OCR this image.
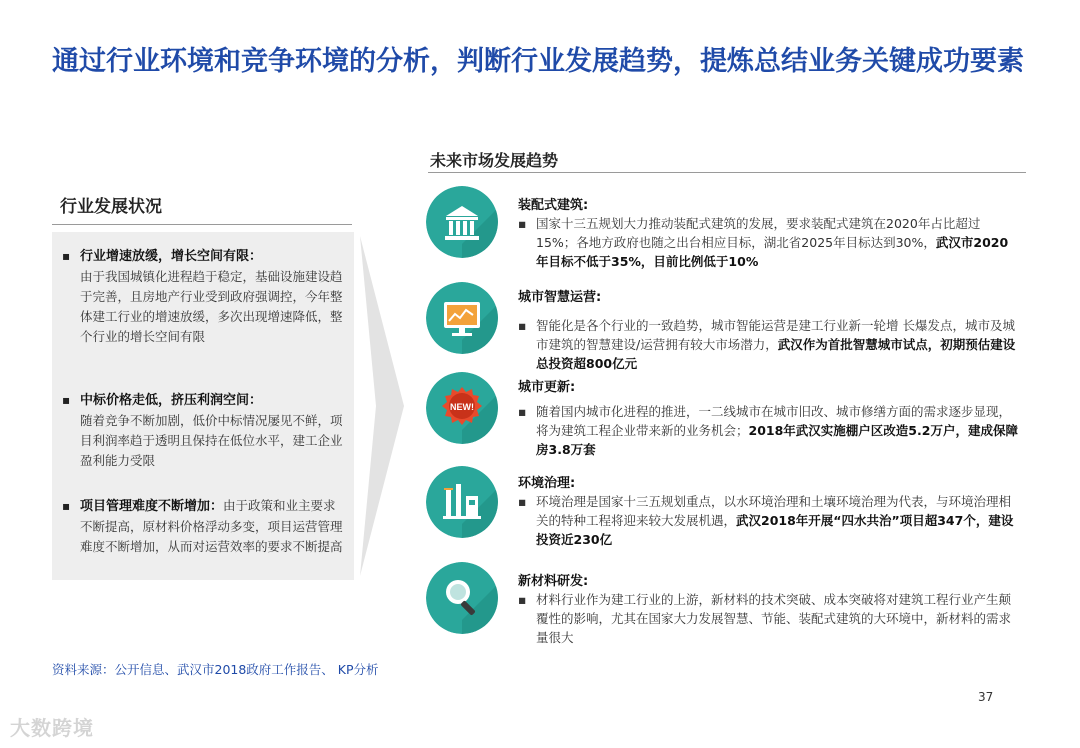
通过行业环境和竞争环境的分析，判断行业发展趋势，提炼总结业务关键成功要素
行业发展状况
▪ 行业增速放缓，增长空间有限：
由于我国城镇化进程趋于稳定，基础设施建设趋于完善，且房地产行业受到政府强调控，今年整体建工行业的增速放缓，多次出现增速降低，整个行业的增长空间有限
▪ 中标价格走低，挤压利润空间：
随着竞争不断加剧，低价中标情况屡见不鲜，项目利润率趋于透明且保持在低位水平，建工企业盈利能力受限
▪ 项目管理难度不断增加：由于政策和业主要求不断提高，原材料价格浮动多变，项目运营管理难度不断增加，从而对运营效率的要求不断提高
未来市场发展趋势
装配式建筑:
▪ 国家十三五规划大力推动装配式建筑的发展，要求装配式建筑在2020年占比超过15%；各地方政府也随之出台相应目标，湖北省2025年目标达到30%，武汉市2020年目标不低于35%，目前比例低于10%
城市智慧运营:
▪ 智能化是各个行业的一致趋势，城市智能运营是建工行业新一轮增 长爆发点，城市及城市建筑的智慧建设/运营拥有较大市场潜力，武汉作为首批智慧城市试点，初期预估建设总投资超800亿元
NEW!
城市更新:
▪ 随着国内城市化进程的推进，一二线城市在城市旧改、城市修缮方面的需求逐步显现，将为建筑工程企业带来新的业务机会；2018年武汉实施棚户区改造5.2万户，建成保障房3.8万套
环境治理:
▪ 环境治理是国家十三五规划重点，以水环境治理和土壤环境治理为代表，与环境治理相关的特种工程将迎来较大发展机遇，武汉2018年开展“四水共治”项目超347个，建设投资近230亿
新材料研发:
▪ 材料行业作为建工行业的上游，新材料的技术突破、成本突破将对建筑工程行业产生颠覆性的影响，尤其在国家大力发展智慧、节能、装配式建筑的大环境中，新材料的需求量很大
资料来源：公开信息、武汉市2018政府工作报告、 KP分析
37
大数跨境
